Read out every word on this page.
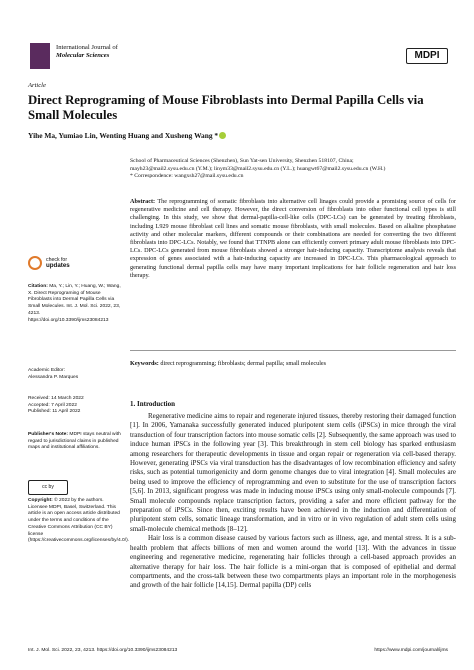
International Journal of
Molecular Sciences	MDPI
Article
Direct Reprograming of Mouse Fibroblasts into Dermal Papilla Cells via Small Molecules
Yihe Ma, Yumiao Lin, Wenting Huang and Xusheng Wang *
School of Pharmaceutical Sciences (Shenzhen), Sun Yat-sen University, Shenzhen 518107, China;
mayh23@mail2.sysu.edu.cn (Y.M.); linym33@mail2.sysu.edu.cn (Y.L.); huangwt67@mail2.sysu.edu.cn (W.H.)
* Correspondence: wangxsh27@mail.sysu.edu.cn
Abstract: The reprogramming of somatic fibroblasts into alternative cell linages could provide a promising source of cells for regenerative medicine and cell therapy. However, the direct conversion of fibroblasts into other functional cell types is still challenging. In this study, we show that dermal-papilla-cell-like cells (DPC-LCs) can be generated by treating fibroblasts, including L929 mouse fibroblast cell lines and somatic mouse fibroblasts, with small molecules. Based on alkaline phosphatase activity and other molecular markers, different compounds or their combinations are needed for converting the two different fibroblasts into DPC-LCs. Notably, we found that TTNPB alone can efficiently convert primary adult mouse fibroblasts into DPC-LCs. DPC-LCs generated from mouse fibroblasts showed a stronger hair-inducing capacity. Transcriptome analysis reveals that expression of genes associated with a hair-inducing capacity are increased in DPC-LCs. This pharmacological approach to generating functional dermal papilla cells may have many important implications for hair follicle regeneration and hair loss therapy.
Keywords: direct reprogramming; fibroblasts; dermal papilla; small molecules
check for
updates
Citation: Ma, Y.; Lin, Y.; Huang, W.; Wang, X. Direct Reprograming of Mouse Fibroblasts into Dermal Papilla Cells via Small Molecules. Int. J. Mol. Sci. 2022, 23, 4213. https://doi.org/10.3390/ijms23084213
Academic Editor:
Alessandra P. Marques
Received: 14 March 2022
Accepted: 7 April 2022
Published: 11 April 2022
Publisher's Note: MDPI stays neutral with regard to jurisdictional claims in published maps and institutional affiliations.
cc by
Copyright: © 2022 by the authors. Licensee MDPI, Basel, Switzerland. This article is an open access article distributed under the terms and conditions of the Creative Commons Attribution (CC BY) license (https://creativecommons.org/licenses/by/4.0/).
1. Introduction

Regenerative medicine aims to repair and regenerate injured tissues, thereby restoring their damaged function [1]. In 2006, Yamanaka successfully generated induced pluripotent stem cells (iPSCs) in mice through the viral transduction of four transcription factors into mouse somatic cells [2]. Subsequently, the same approach was used to induce human iPSCs in the following year [3]. This breakthrough in stem cell biology has sparked enthusiasm among researchers for therapeutic developments in tissue and organ repair or regeneration via cell-based therapy. However, generating iPSCs via viral transduction has the disadvantages of low recombination efficiency and safety risks, such as potential tumorigenicity and dorm genome changes due to viral integration [4]. Small molecules are being used to improve the efficiency of reprogramming and even to substitute for the use of transcription factors [5,6]. In 2013, significant progress was made in inducing mouse iPSCs using only small-molecule compounds [7]. Small molecule compounds replace transcription factors, providing a safer and more efficient pathway for the preparation of iPSCs. Since then, exciting results have been achieved in the induction and differentiation of pluripotent stem cells, somatic lineage transformation, and in vitro or in vivo regulation of adult stem cells using small-molecule chemical methods [8–12].

Hair loss is a common disease caused by various factors such as illness, age, and mental stress. It is a sub-health problem that affects billions of men and women around the world [13]. With the advances in tissue engineering and regenerative medicine, regenerating hair follicles through a cell-based approach provides an alternative therapy for hair loss. The hair follicle is a mini-organ that is composed of epithelial and dermal compartments, and the cross-talk between these two compartments plays an important role in the morphogenesis and growth of the hair follicle [14,15]. Dermal papilla (DP) cells

Int. J. Mol. Sci. 2022, 23, 4213. https://doi.org/10.3390/ijms23084213	https://www.mdpi.com/journal/ijms
